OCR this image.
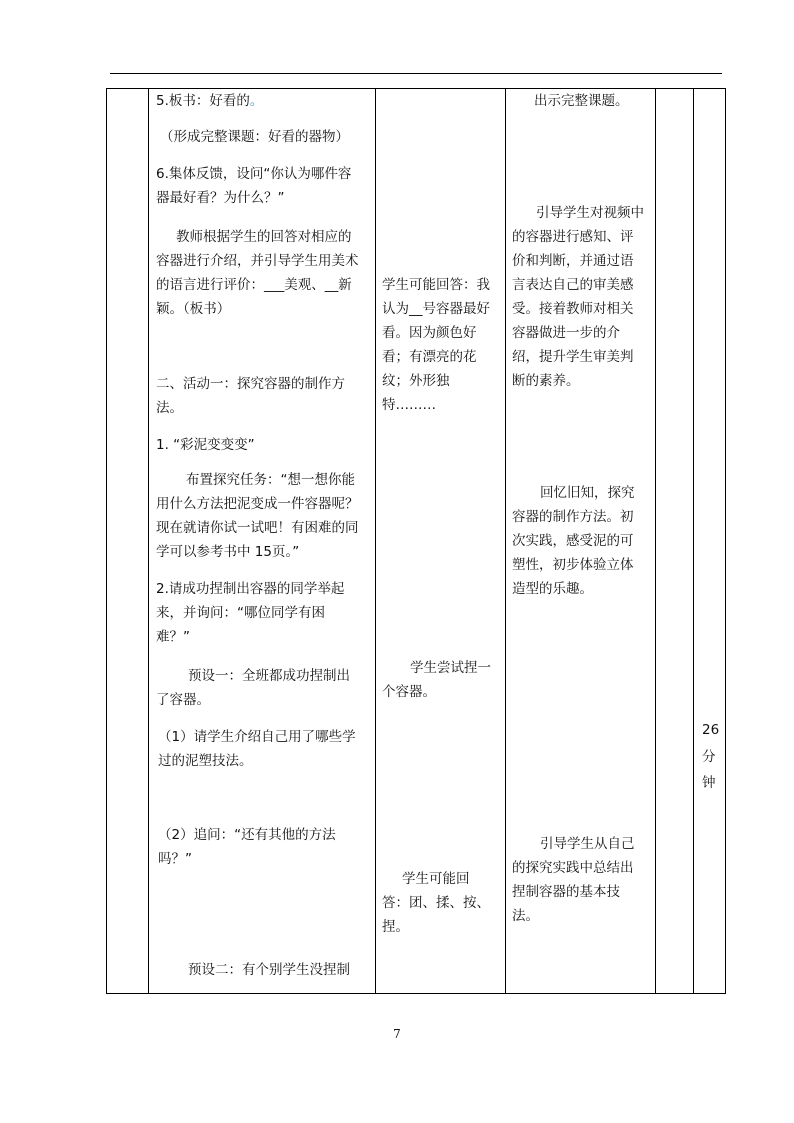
5.板书：好看的。

（形成完整课题：好看的器物）

6.集体反馈，设问“你认为哪件容

器最好看？为什么？”

教师根据学生的回答对相应的

容器进行介绍，并引导学生用美术

的语言进行评价：___美观、__新

颖。（板书）

二、活动一：探究容器的制作方

法。

1. “彩泥变变变”

布置探究任务：“想一想你能

用什么方法把泥变成一件容器呢？

现在就请你试一试吧！有困难的同

学可以参考书中 15页。”

2.请成功捏制出容器的同学举起

来，并询问：“哪位同学有困

难？”

预设一：全班都成功捏制出

了容器。

（1）请学生介绍自己用了哪些学

过的泥塑技法。

（2）追问：“还有其他的方法

吗？”

预设二：有个别学生没捏制

学生可能回答：我

认为__号容器最好

看。因为颜色好

看；有漂亮的花

纹；外形独

特………

学生尝试捏一

个容器。

学生可能回

答：团、揉、按、

捏。

出示完整课题。

引导学生对视频中

的容器进行感知、评

价和判断，并通过语

言表达自己的审美感

受。接着教师对相关

容器做进一步的介

绍，提升学生审美判

断的素养。

回忆旧知，探究

容器的制作方法。初

次实践，感受泥的可

塑性，初步体验立体

造型的乐趣。

引导学生从自己

的探究实践中总结出

捏制容器的基本技

法。

26

分

钟

7
